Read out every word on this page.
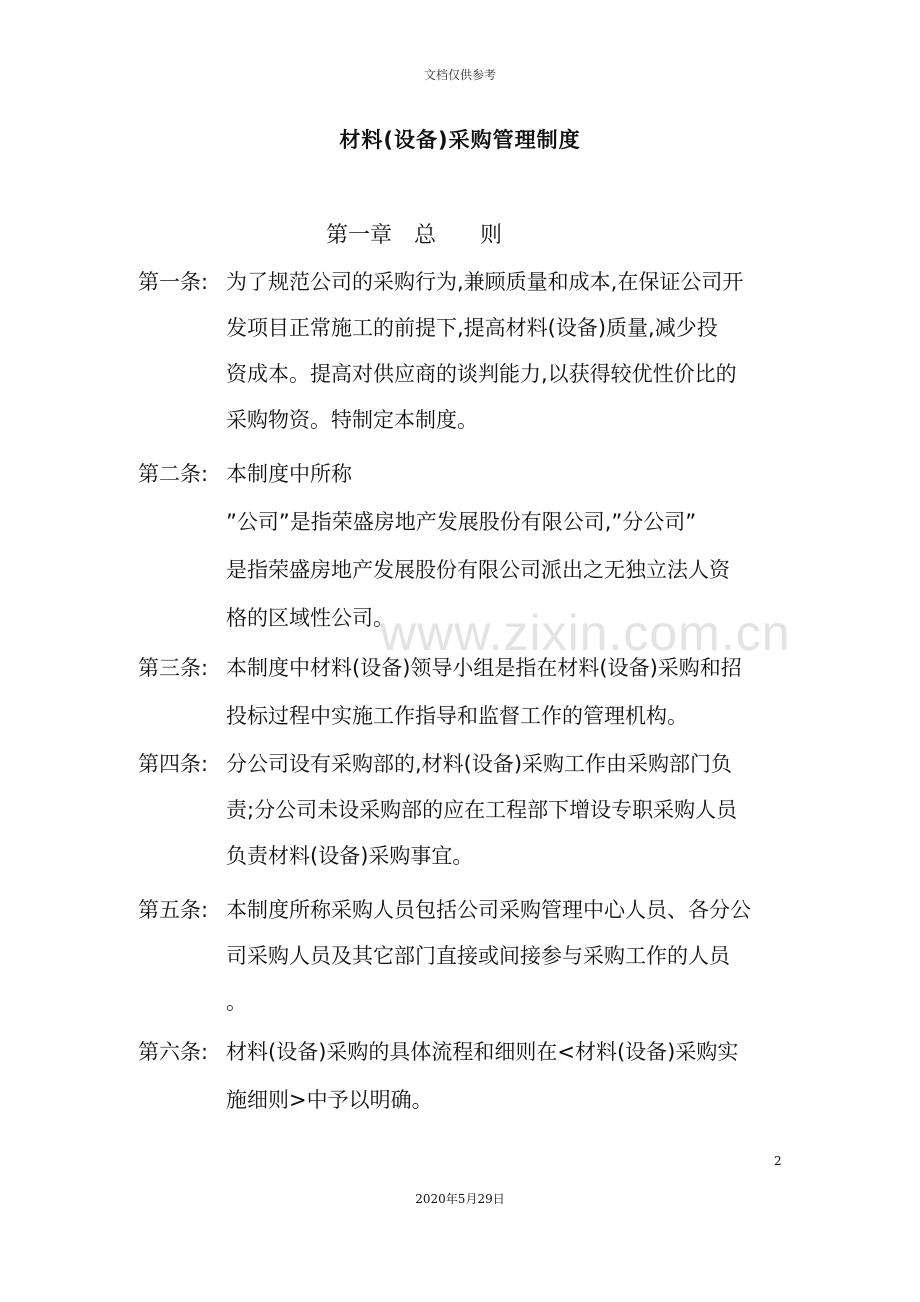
文档仅供参考
材料(设备)采购管理制度
第一章　总　　则
第一条: 为了规范公司的采购行为,兼顾质量和成本,在保证公司开
发项目正常施工的前提下,提高材料(设备)质量,减少投
资成本。提高对供应商的谈判能力,以获得较优性价比的
采购物资。特制定本制度。
第二条: 本制度中所称
”公司”是指荣盛房地产发展股份有限公司,”分公司”
是指荣盛房地产发展股份有限公司派出之无独立法人资
格的区域性公司。
第三条: 本制度中材料(设备)领导小组是指在材料(设备)采购和招
投标过程中实施工作指导和监督工作的管理机构。
第四条: 分公司设有采购部的,材料(设备)采购工作由采购部门负
责;分公司未设采购部的应在工程部下增设专职采购人员
负责材料(设备)采购事宜。
第五条: 本制度所称采购人员包括公司采购管理中心人员、各分公
司采购人员及其它部门直接或间接参与采购工作的人员
。
第六条: 材料(设备)采购的具体流程和细则在<材料(设备)采购实
施细则>中予以明确。
www.zixin.com.cn
2
2020年5月29日
